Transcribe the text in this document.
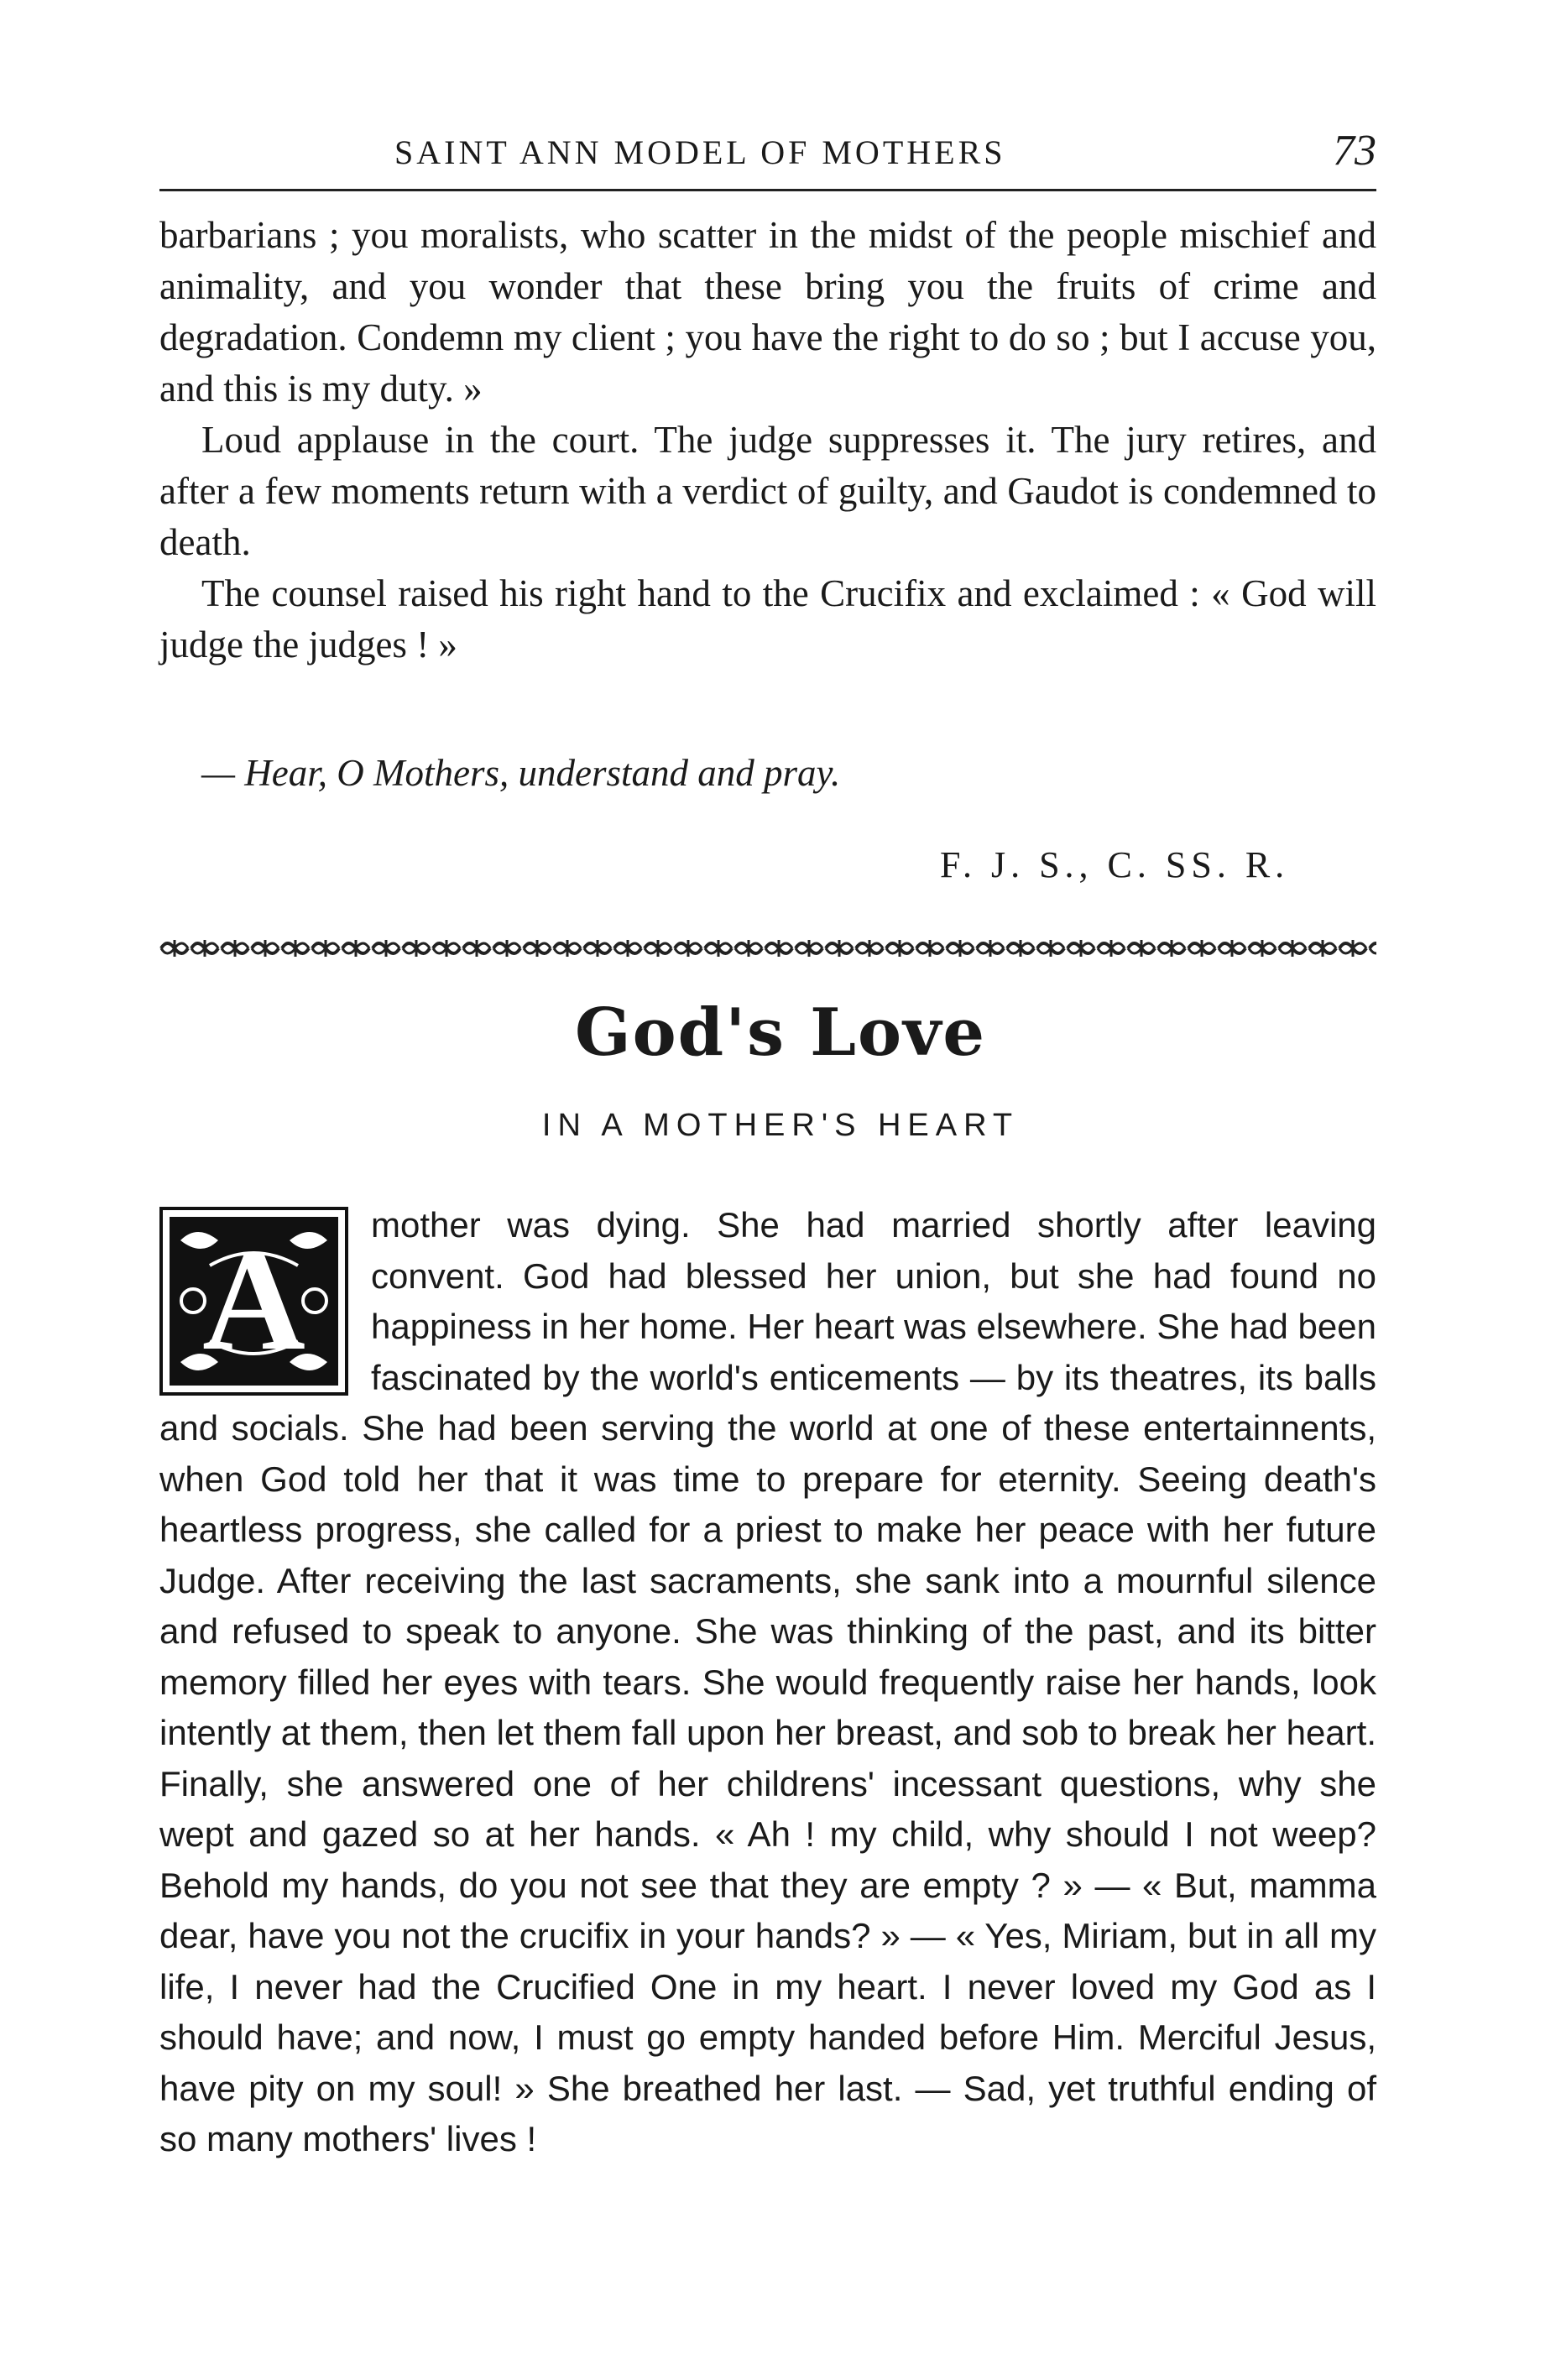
SAINT ANN MODEL OF MOTHERS	73

barbarians ; you moralists, who scatter in the midst of the people mischief and animality, and you wonder that these bring you the fruits of crime and degradation. Condemn my client ; you have the right to do so ; but I accuse you, and this is my duty. »

Loud applause in the court. The judge suppresses it. The jury retires, and after a few moments return with a verdict of guilty, and Gaudot is condemned to death.

The counsel raised his right hand to the Crucifix and exclaimed : « God will judge the judges ! »

— Hear, O Mothers, understand and pray.
F. J. S., C. SS. R.
God's Love
IN A MOTHER'S HEART

mother was dying. She had married shortly after leaving convent. God had blessed her union, but she had found no happiness in her home. Her heart was elsewhere. She had been fascinated by the world's enticements — by its theatres, its balls and socials. She had been serving the world at one of these entertainnents, when God told her that it was time to prepare for eternity. Seeing death's heartless progress, she called for a priest to make her peace with her future Judge. After receiving the last sacraments, she sank into a mournful silence and refused to speak to anyone. She was thinking of the past, and its bitter memory filled her eyes with tears. She would frequently raise her hands, look intently at them, then let them fall upon her breast, and sob to break her heart. Finally, she answered one of her childrens' incessant questions, why she wept and gazed so at her hands. « Ah ! my child, why should I not weep? Behold my hands, do you not see that they are empty ? » — « But, mamma dear, have you not the crucifix in your hands? » — « Yes, Miriam, but in all my life, I never had the Crucified One in my heart. I never loved my God as I should have; and now, I must go empty handed before Him. Merciful Jesus, have pity on my soul! » She breathed her last. — Sad, yet truthful ending of so many mothers' lives !

A
